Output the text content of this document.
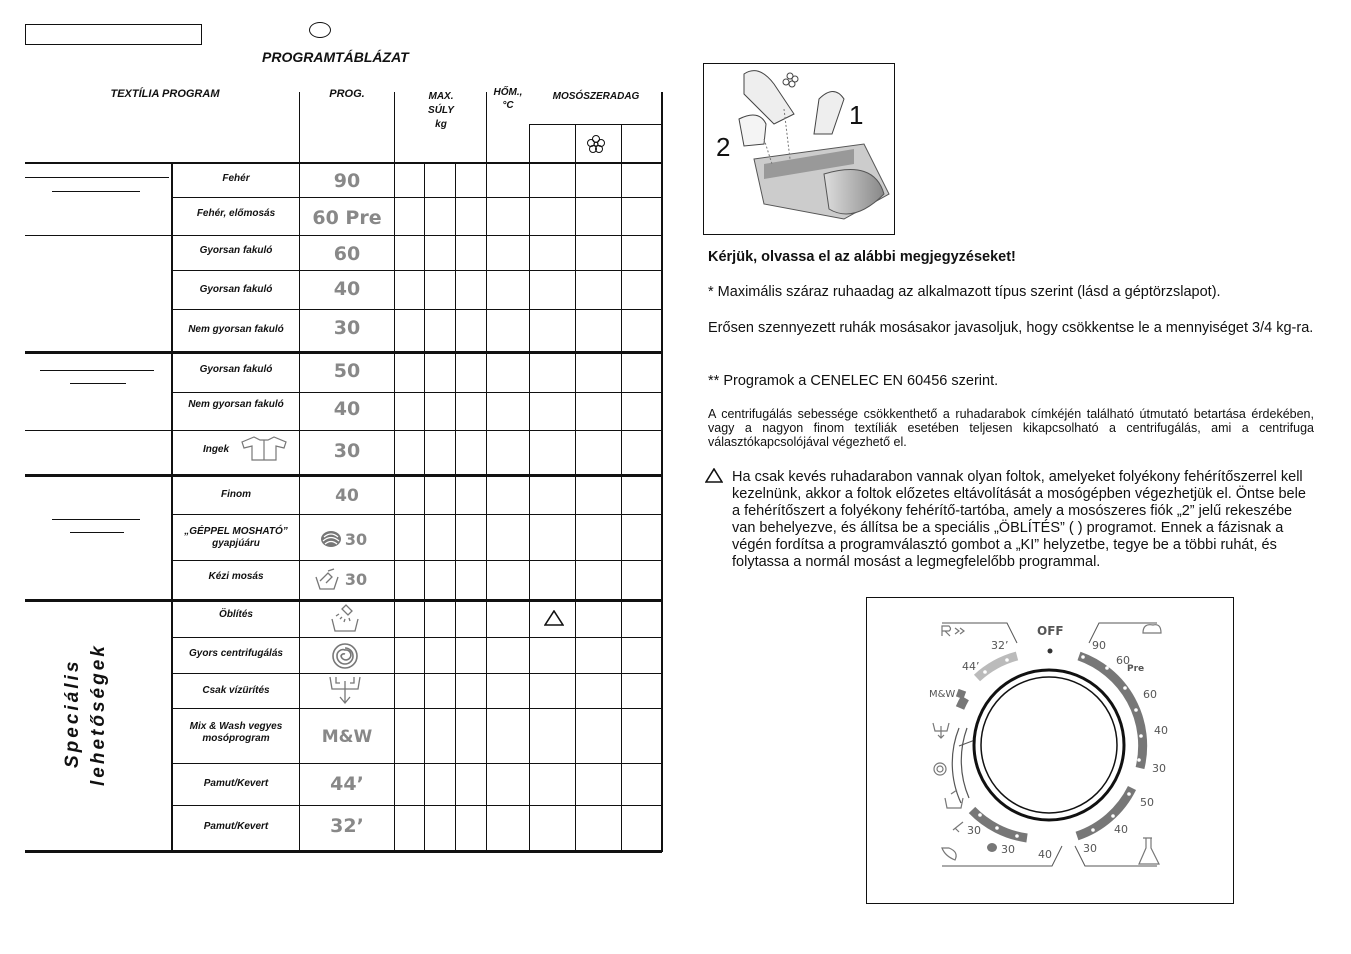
PROGRAMTÁBLÁZAT
TEXTÍLIA PROGRAM	PROG.	MAX.
SÚLY
kg
HŐM.,
°C
MOSÓSZERADAG
Fehér	90
Fehér, előmosás	60 Pre
Gyorsan fakuló	60
Gyorsan fakuló	40
Nem gyorsan fakuló	30
Gyorsan fakuló	50
Nem gyorsan fakuló	40
Ingek	30
Finom	40
„GÉPPEL MOSHATÓ” gyapjúáru	30
Kézi mosás	30
Öblítés
Gyors centrifugálás
Csak vízürítés
Mix & Wash vegyes mosóprogram	M&W
Pamut/Kevert	44’
Pamut/Kevert	32’
Speciális lehetőségek
1
2
Kérjük, olvassa el az alábbi megjegyzéseket!
* Maximális száraz ruhaadag az alkalmazott típus szerint (lásd a géptörzslapot).
Erősen szennyezett ruhák mosásakor javasoljuk, hogy csökkentse le a mennyiséget 3/4 kg-ra.
** Programok a CENELEC EN 60456 szerint.
A centrifugálás sebessége csökkenthető a ruhadarabok címkéjén található útmutató betartása érdekében, vagy a nagyon finom textíliák esetében teljesen kikapcsolható a centrifugálás, ami a centrifuga választókapcsolójával végezhető el.
Ha csak kevés ruhadarabon vannak olyan foltok, amelyeket folyékony fehérítőszerrel kell kezelnünk, akkor a foltok előzetes eltávolítását a mosógépben végezhetjük el. Öntse bele a fehérítőszert a folyékony fehérítő-tartóba, amely a mosószeres fiók „2” jelű rekeszébe van behelyezve, és állítsa be a speciális „ÖBLÍTÉS” ( ) programot. Ennek a fázisnak a végén fordítsa a programválasztó gombot a „KI” helyzetbe, tegye be a többi ruhát, és folytassa a normál mosást a legmegfelelőbb programmal.
OFF
90
60
Pre
60
40
30
50
40
30
40
30
30
M&W
44’
32’
